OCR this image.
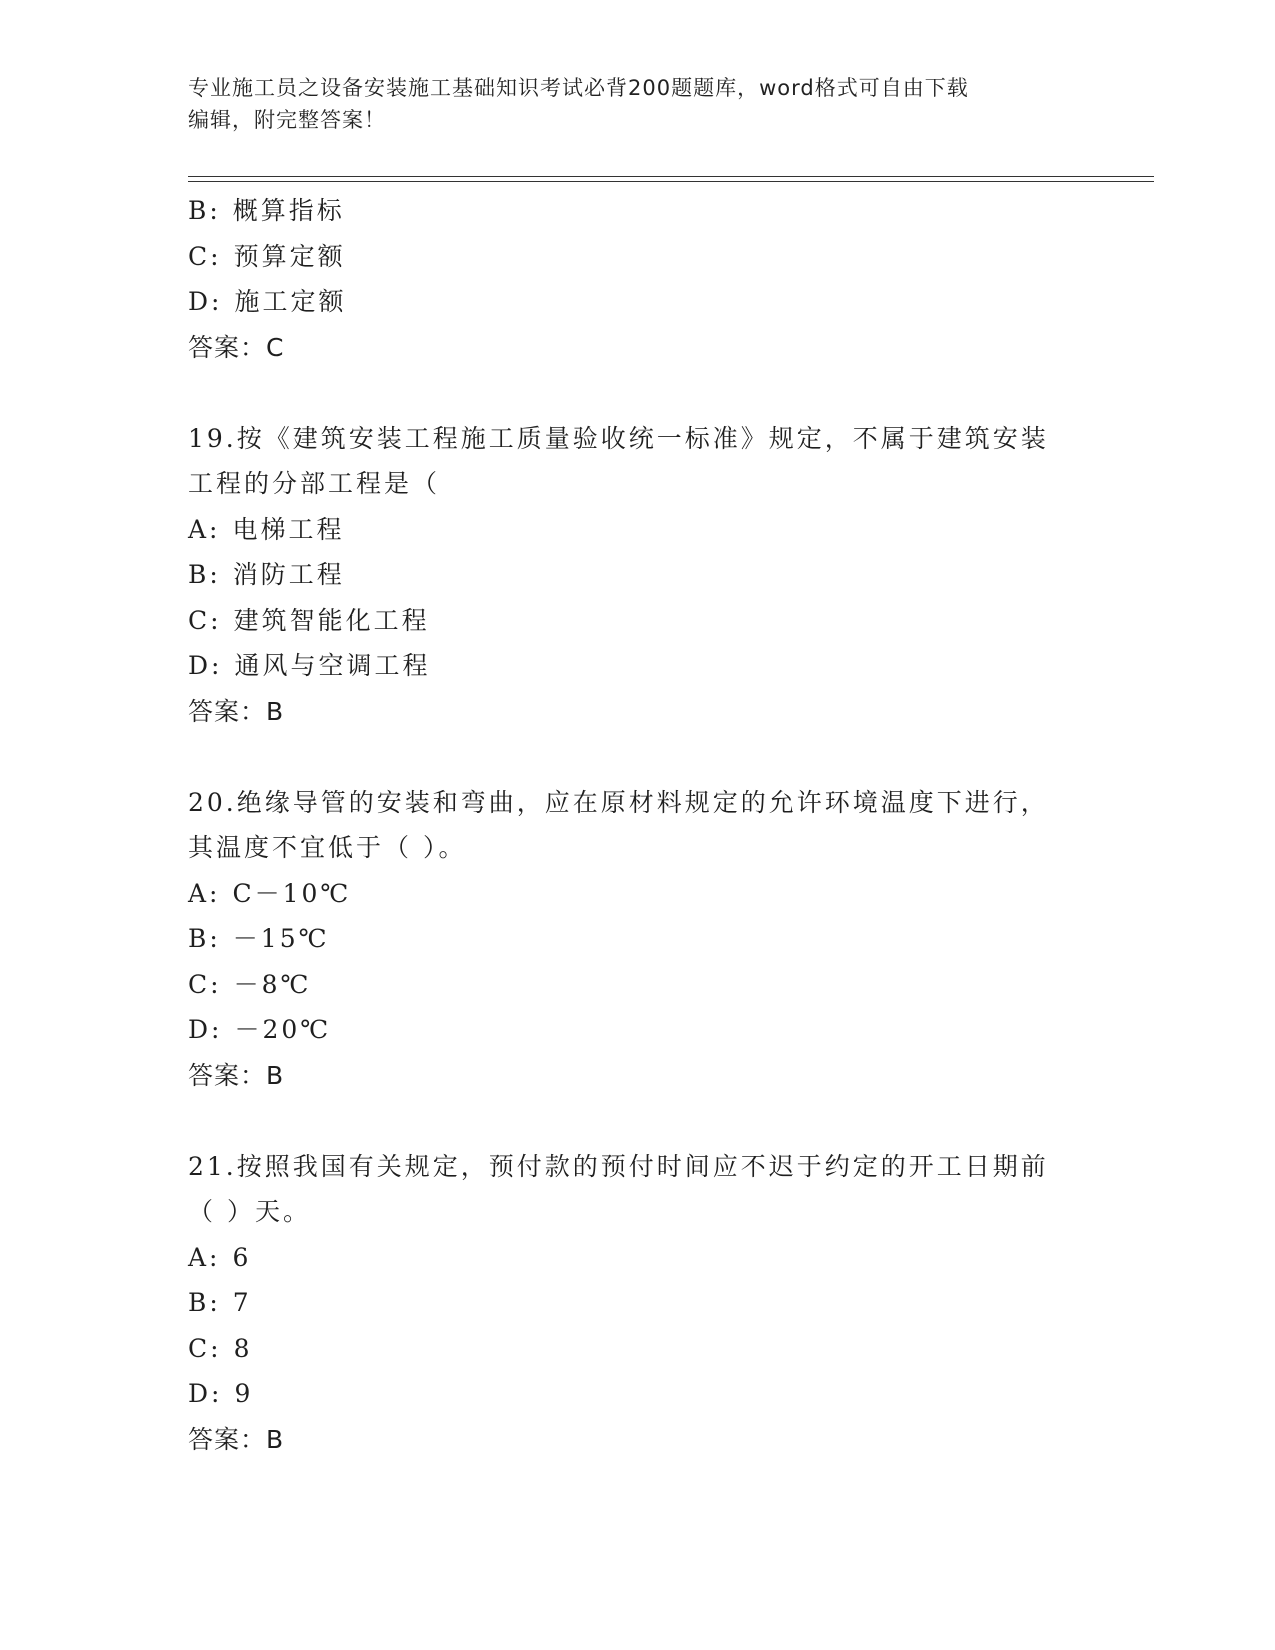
专业施工员之设备安装施工基础知识考试必背200题题库，word格式可自由下载
编辑，附完整答案！
B: 概算指标
C: 预算定额
D: 施工定额
答案：C
19.按《建筑安装工程施工质量验收统一标准》规定，不属于建筑安装
工程的分部工程是（
A: 电梯工程
B: 消防工程
C: 建筑智能化工程
D: 通风与空调工程
答案：B
20.绝缘导管的安装和弯曲，应在原材料规定的允许环境温度下进行，
其温度不宜低于（ ）。
A: C－10℃
B: －15℃
C: －8℃
D: －20℃
答案：B
21.按照我国有关规定，预付款的预付时间应不迟于约定的开工日期前
（ ）天。
A: 6
B: 7
C: 8
D: 9
答案：B
